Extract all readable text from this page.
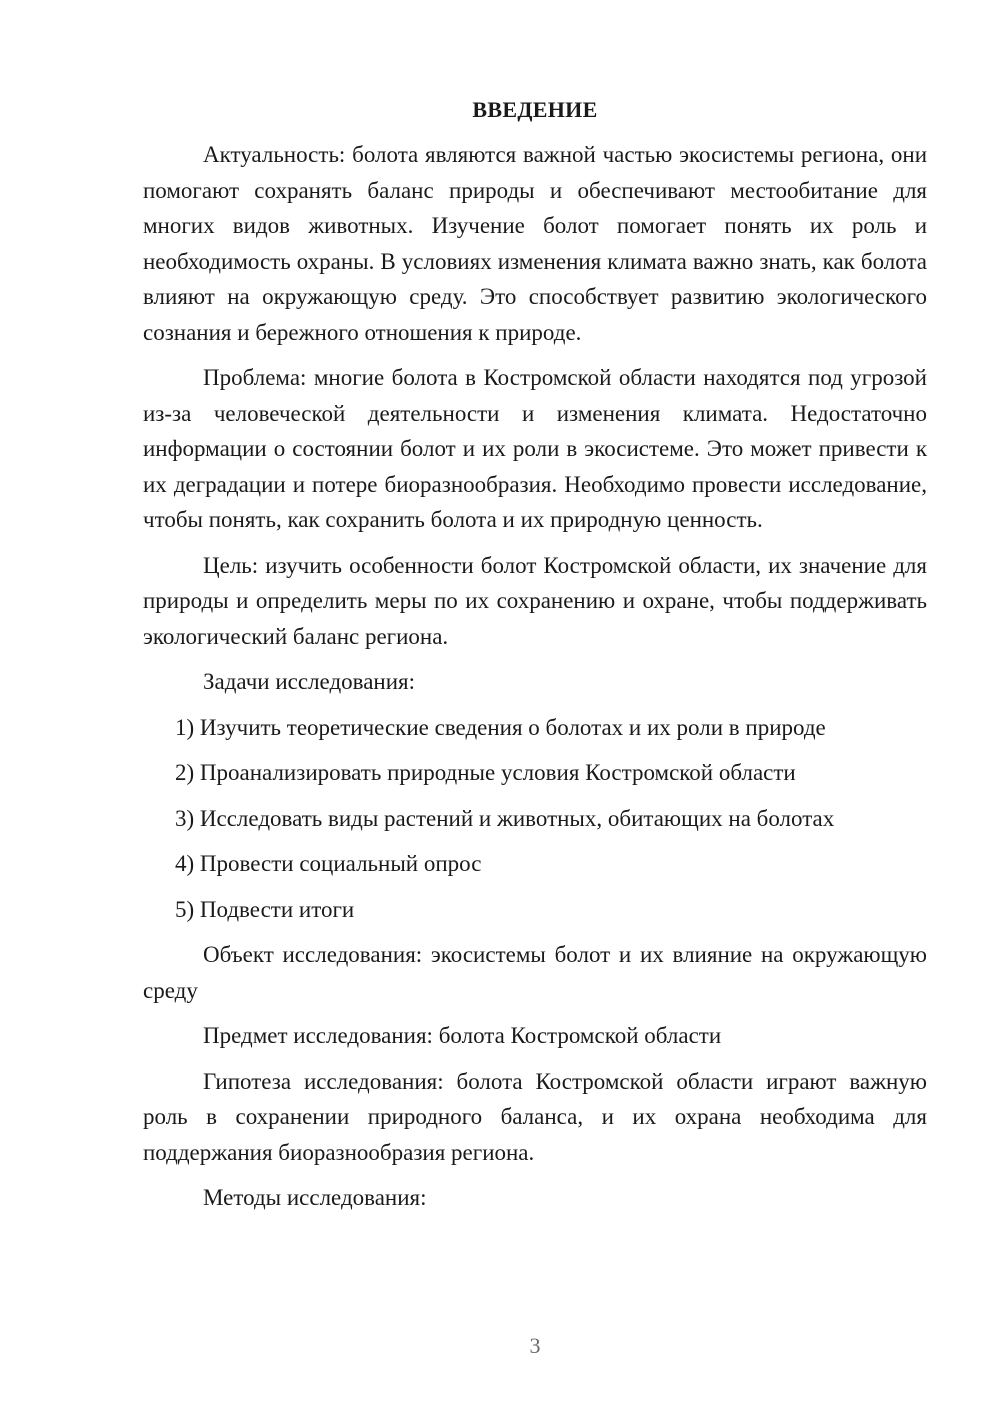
ВВЕДЕНИЕ

Актуальность: болота являются важной частью экосистемы региона, они помогают сохранять баланс природы и обеспечивают местообитание для многих видов животных. Изучение болот помогает понять их роль и необходимость охраны. В условиях изменения климата важно знать, как болота влияют на окружающую среду. Это способствует развитию экологического сознания и бережного отношения к природе.

Проблема: многие болота в Костромской области находятся под угрозой из-за человеческой деятельности и изменения климата. Недостаточно информации о состоянии болот и их роли в экосистеме. Это может привести к их деградации и потере биоразнообразия. Необходимо провести исследование, чтобы понять, как сохранить болота и их природную ценность.

Цель: изучить особенности болот Костромской области, их значение для природы и определить меры по их сохранению и охране, чтобы поддерживать экологический баланс региона.

Задачи исследования:

1) Изучить теоретические сведения о болотах и их роли в природе

2) Проанализировать природные условия Костромской области

3) Исследовать виды растений и животных, обитающих на болотах

4) Провести социальный опрос

5) Подвести итоги

Объект исследования: экосистемы болот и их влияние на окружающую среду

Предмет исследования: болота Костромской области

Гипотеза исследования: болота Костромской области играют важную роль в сохранении природного баланса, и их охрана необходима для поддержания биоразнообразия региона.

Методы исследования:

3
